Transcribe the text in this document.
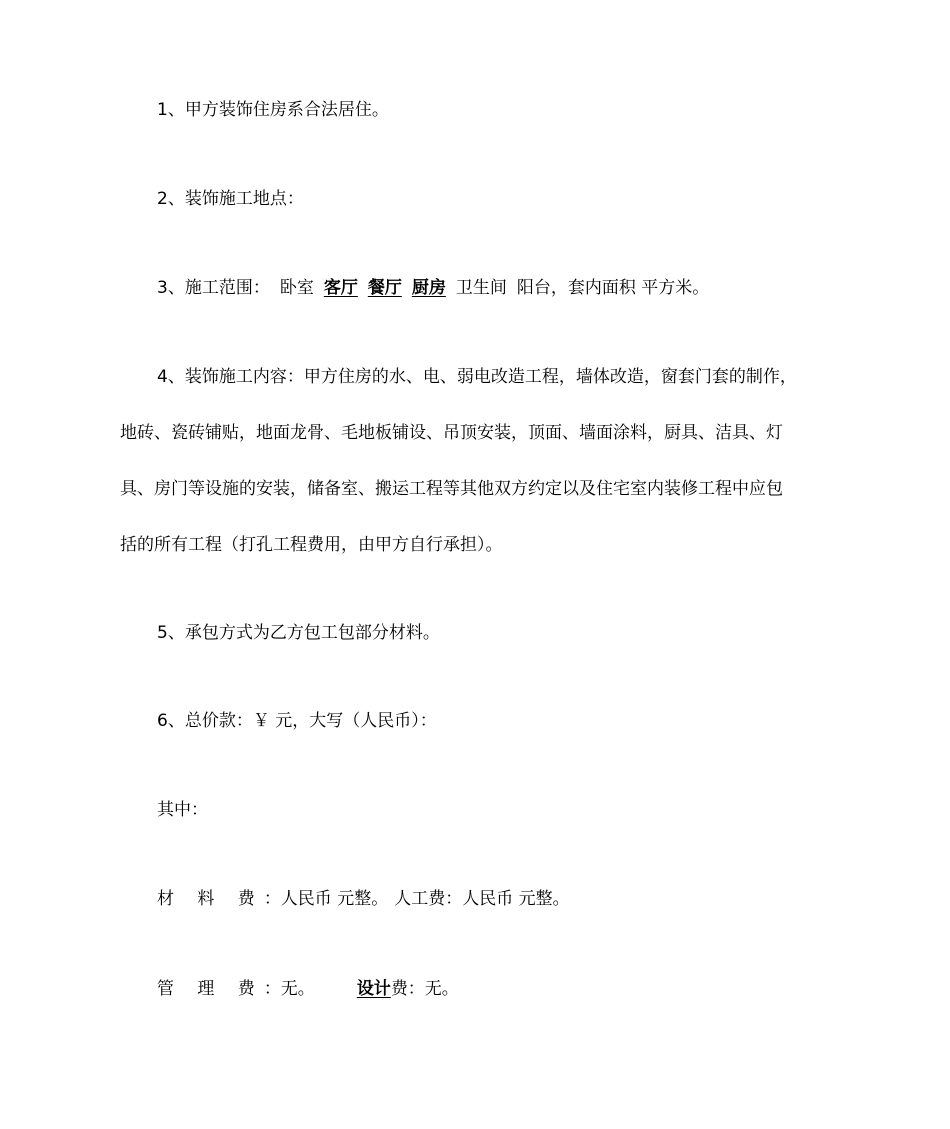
1、甲方装饰住房系合法居住。
2、装饰施工地点：
3、施工范围： 卧室 客厅 餐厅 厨房 卫生间 阳台，套内面积 平方米。
4、装饰施工内容：甲方住房的水、电、弱电改造工程，墙体改造，窗套门套的制作，
地砖、瓷砖铺贴，地面龙骨、毛地板铺设、吊顶安装，顶面、墙面涂料，厨具、洁具、灯
具、房门等设施的安装，储备室、搬运工程等其他双方约定以及住宅室内装修工程中应包
括的所有工程（打孔工程费用，由甲方自行承担）。
5、承包方式为乙方包工包部分材料。
6、总价款：￥ 元，大写（人民币）：
其中：
材 料 费：人民币 元整。 人工费：人民币 元整。
管 理 费：无。 设计费：无。
